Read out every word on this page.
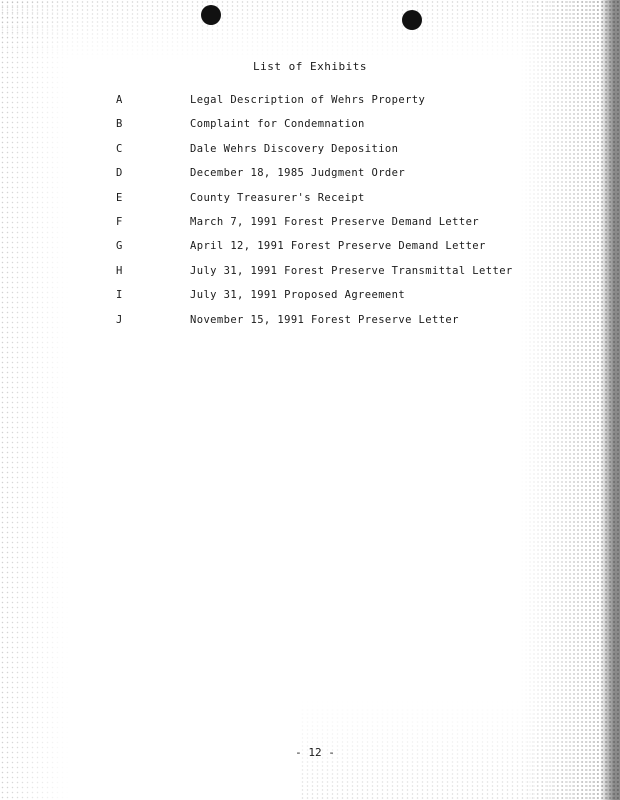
List of Exhibits
A	Legal Description of Wehrs Property
B	Complaint for Condemnation
C	Dale Wehrs Discovery Deposition
D	December 18, 1985 Judgment Order
E	County Treasurer's Receipt
F	March 7, 1991 Forest Preserve Demand Letter
G	April 12, 1991 Forest Preserve Demand Letter
H	July 31, 1991 Forest Preserve Transmittal Letter
I	July 31, 1991 Proposed Agreement
J	November 15, 1991 Forest Preserve Letter
- 12 -
